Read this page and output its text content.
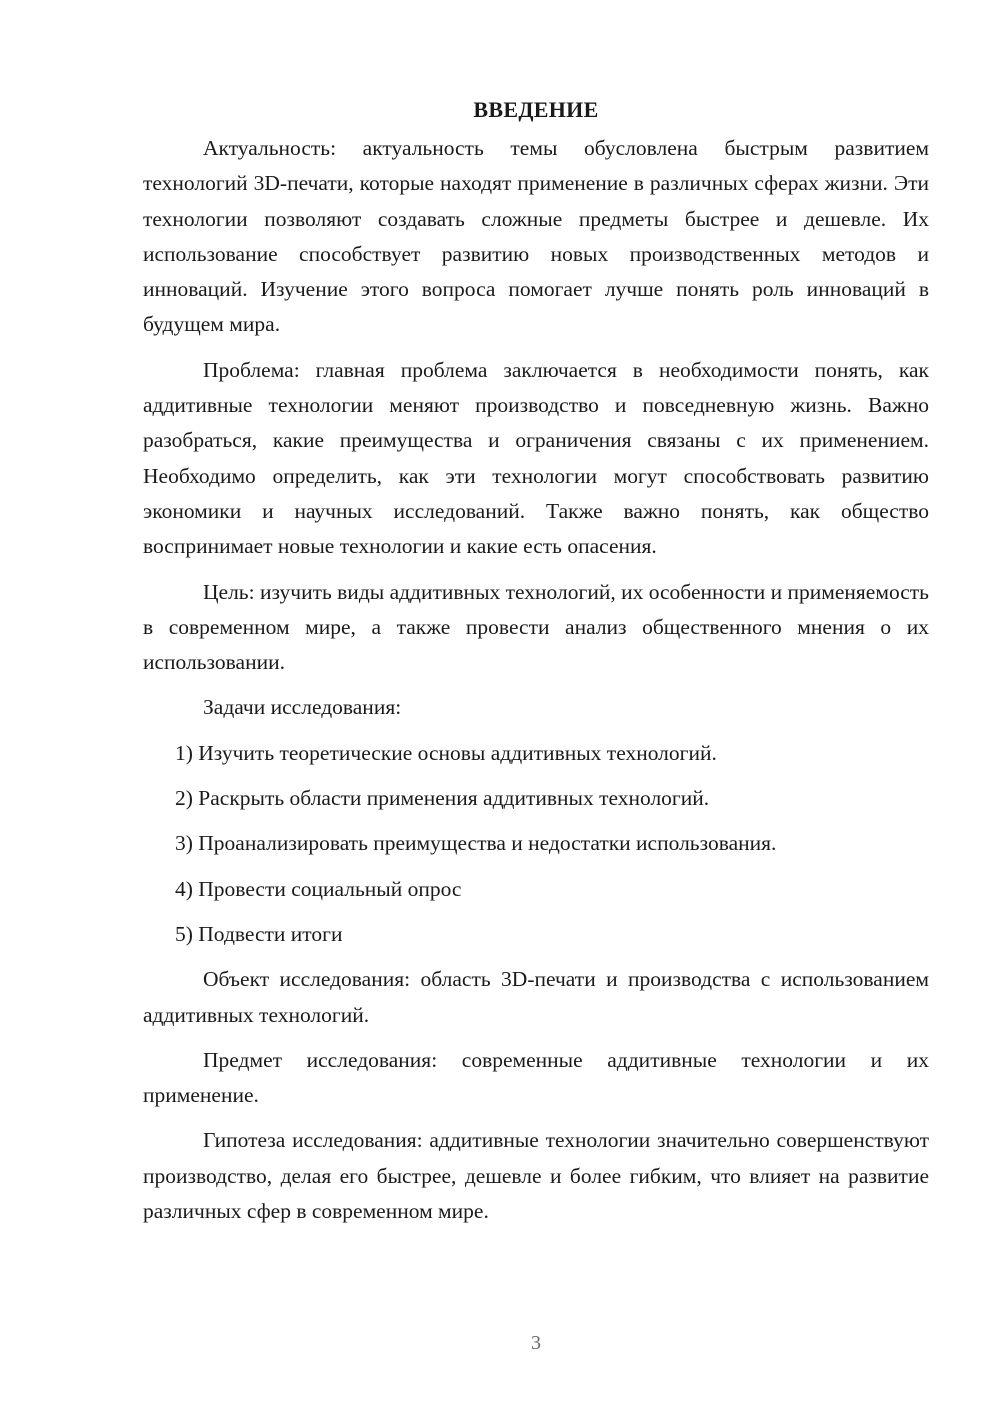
ВВЕДЕНИЕ

Актуальность: актуальность темы обусловлена быстрым развитием технологий 3D-печати, которые находят применение в различных сферах жизни. Эти технологии позволяют создавать сложные предметы быстрее и дешевле. Их использование способствует развитию новых производственных методов и инноваций. Изучение этого вопроса помогает лучше понять роль инноваций в будущем мира.

Проблема: главная проблема заключается в необходимости понять, как аддитивные технологии меняют производство и повседневную жизнь. Важно разобраться, какие преимущества и ограничения связаны с их применением. Необходимо определить, как эти технологии могут способствовать развитию экономики и научных исследований. Также важно понять, как общество воспринимает новые технологии и какие есть опасения.

Цель: изучить виды аддитивных технологий, их особенности и применяемость в современном мире, а также провести анализ общественного мнения о их использовании.

Задачи исследования:

1) Изучить теоретические основы аддитивных технологий.
2) Раскрыть области применения аддитивных технологий.
3) Проанализировать преимущества и недостатки использования.
4) Провести социальный опрос
5) Подвести итоги

Объект исследования: область 3D-печати и производства с использованием аддитивных технологий.

Предмет исследования: современные аддитивные технологии и их применение.

Гипотеза исследования: аддитивные технологии значительно совершенствуют производство, делая его быстрее, дешевле и более гибким, что влияет на развитие различных сфер в современном мире.

3
